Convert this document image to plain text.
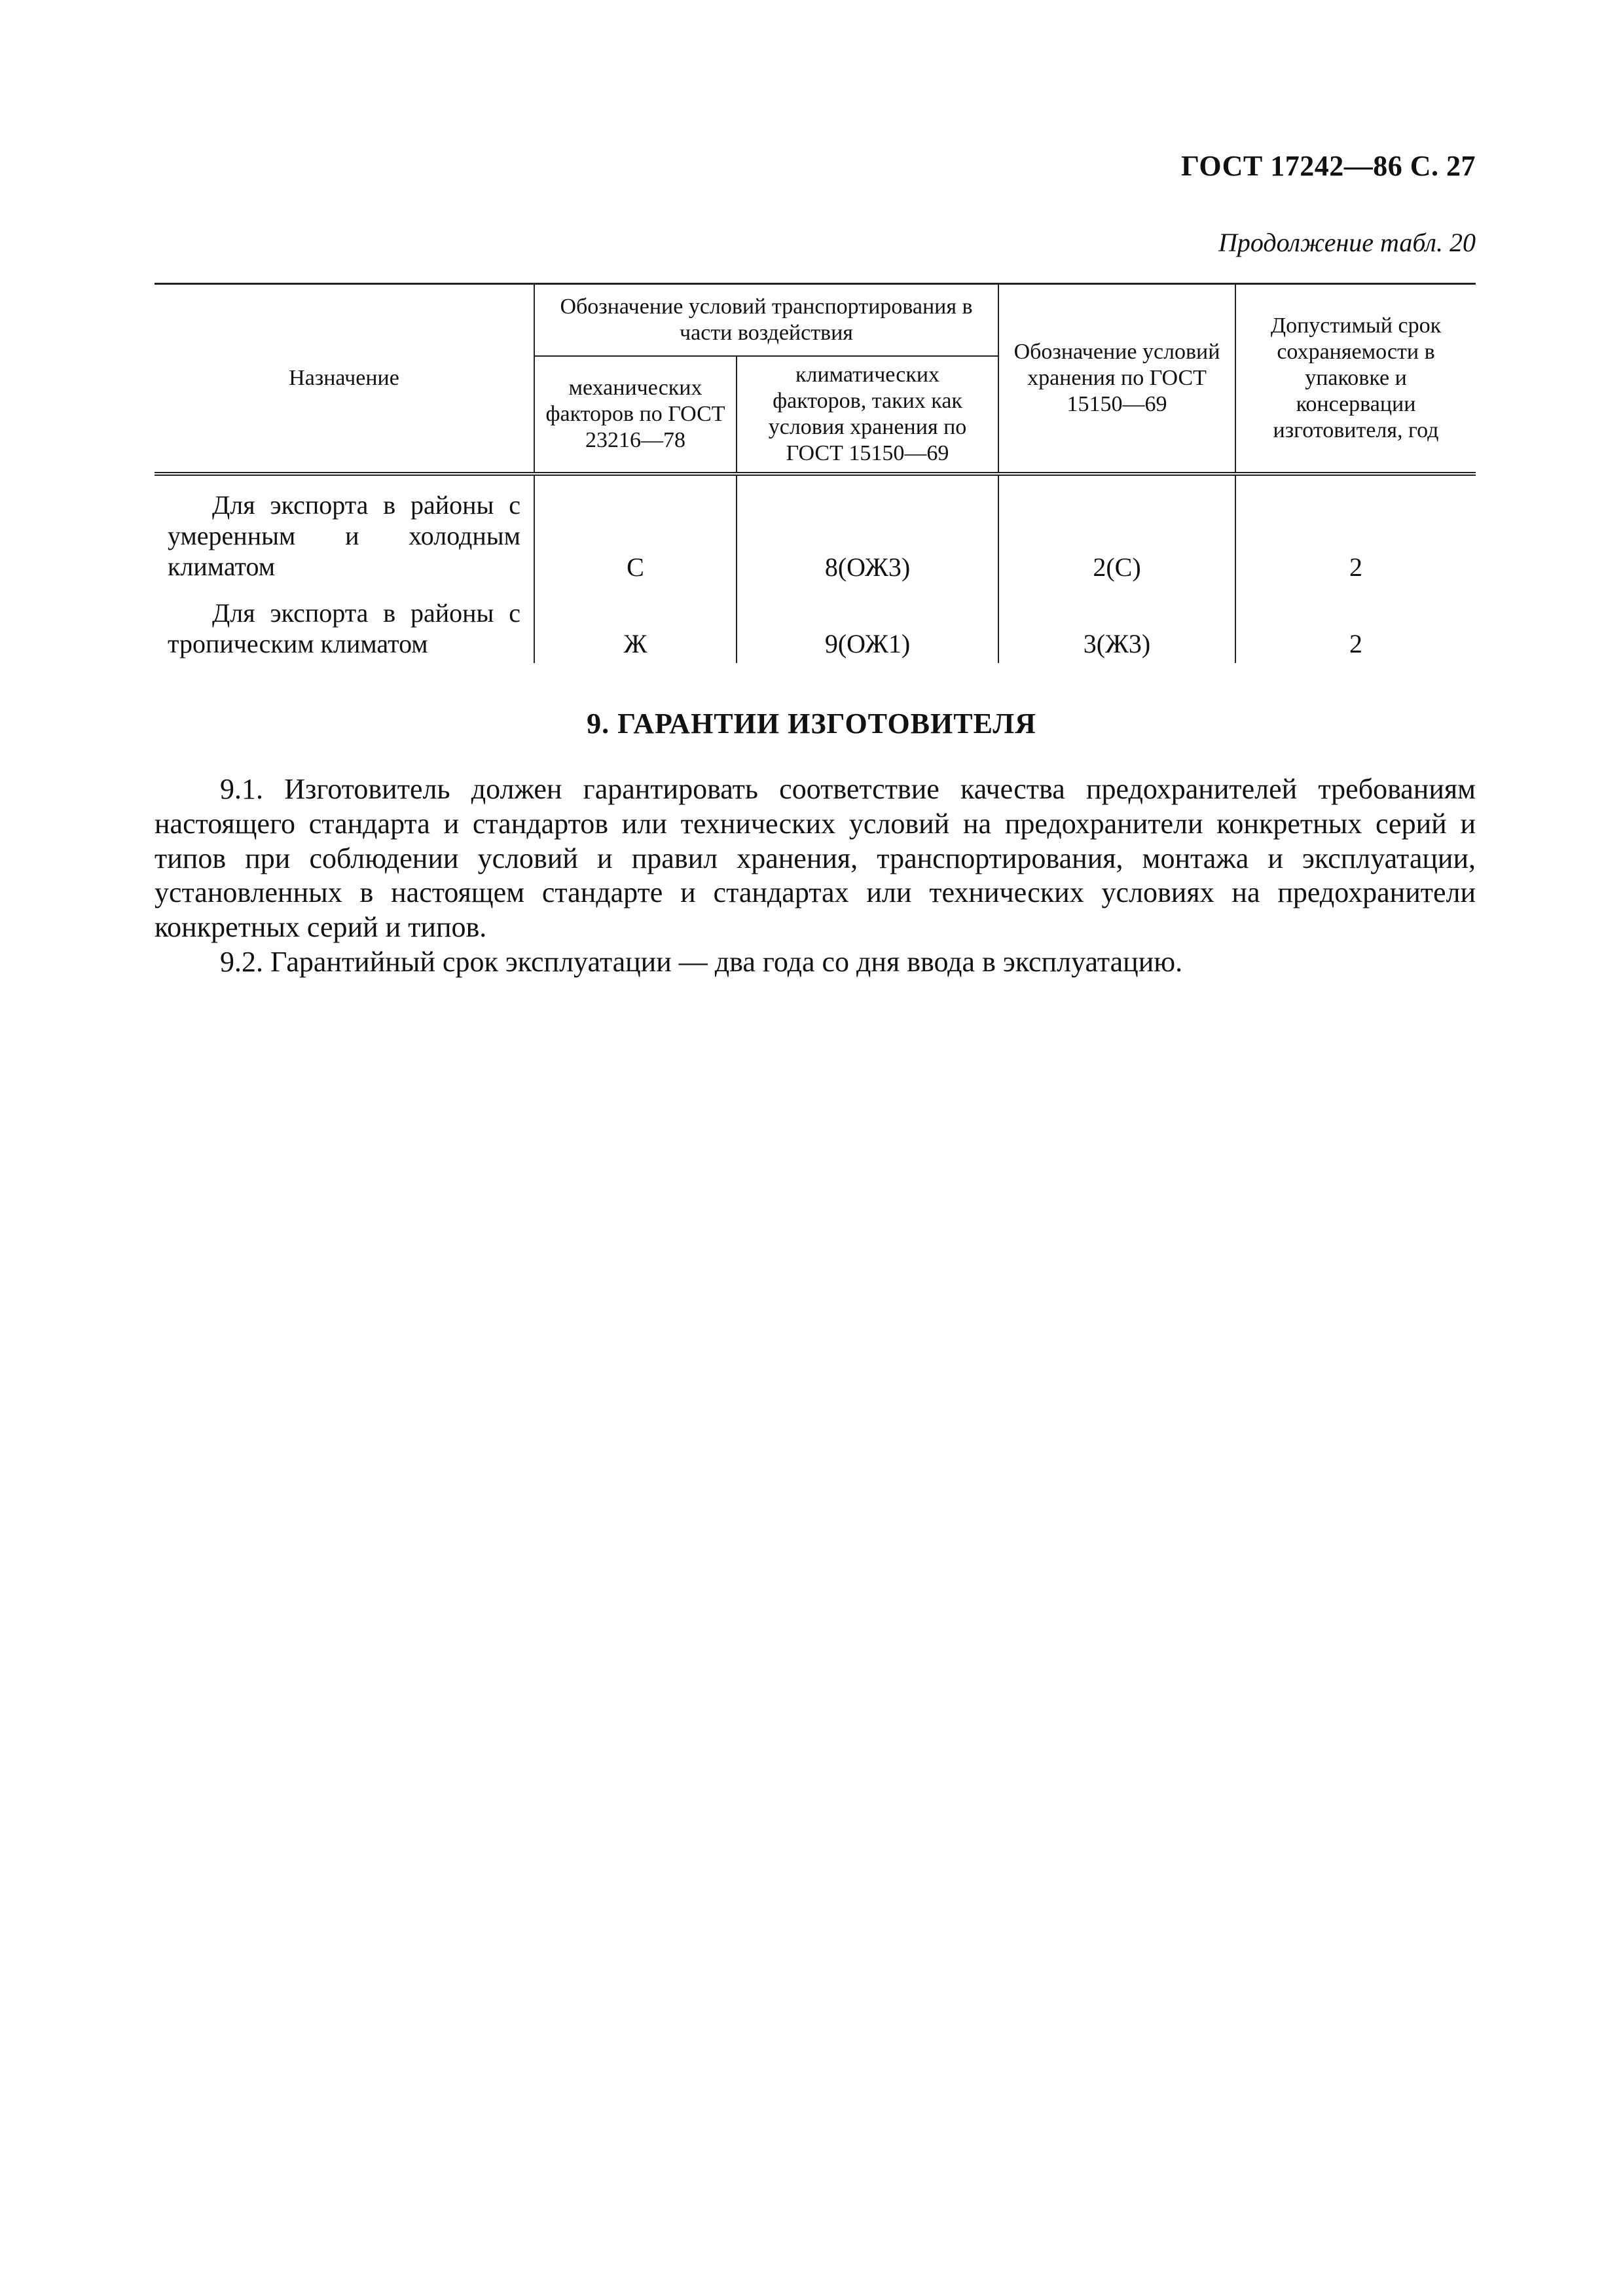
ГОСТ 17242—86 С. 27
Продолжение табл. 20
Назначение	Обозначение условий транспортирования в части воздействия		Обозначение условий хранения по ГОСТ 15150—69	Допустимый срок сохраняемости в упаковке и консервации изготовителя, год
	механических факторов по ГОСТ 23216—78	климатических факторов, таких как условия хранения по ГОСТ 15150—69		
Для экспорта в районы с умеренным и холодным климатом	С	8(ОЖ3)	2(С)	2
Для экспорта в районы с тропическим климатом	Ж	9(ОЖ1)	3(Ж3)	2
9. ГАРАНТИИ ИЗГОТОВИТЕЛЯ

9.1. Изготовитель должен гарантировать соответствие качества предохранителей требованиям настоящего стандарта и стандартов или технических условий на предохранители конкретных серий и типов при соблюдении условий и правил хранения, транспортирования, монтажа и эксплуатации, установленных в настоящем стандарте и стандартах или технических условиях на предохранители конкретных серий и типов.

9.2. Гарантийный срок эксплуатации — два года со дня ввода в эксплуатацию.
